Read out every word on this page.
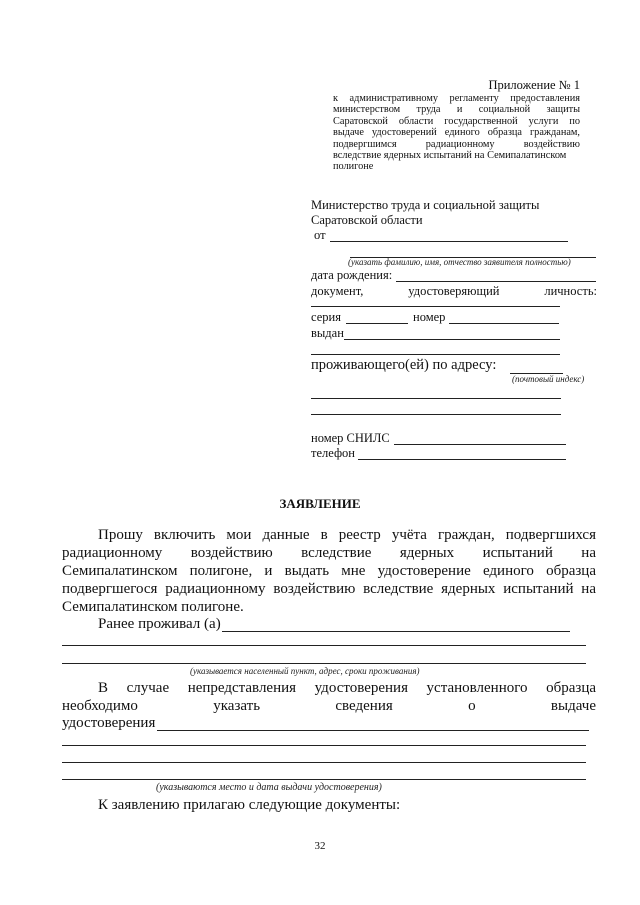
Приложение № 1
к административному регламенту предоставления
министерством труда и социальной защиты
Саратовской области государственной услуги по
выдаче удостоверений единого образца гражданам,
подвергшимся радиационному воздействию
вследствие ядерных испытаний на Семипалатинском
полигоне
Министерство труда и социальной защиты
Саратовской области
от
(указать фамилию, имя, отчество заявителя полностью)
дата рождения:
документ,	удостоверяющий	личность:
серия	номер
выдан
проживающего(ей) по адресу:
(почтовый индекс)
номер СНИЛС
телефон
ЗАЯВЛЕНИЕ
Прошу включить мои данные в реестр учёта граждан, подвергшихся
радиационному воздействию вследствие ядерных испытаний на
Семипалатинском полигоне, и выдать мне удостоверение единого образца
подвергшегося радиационному воздействию вследствие ядерных испытаний на
Семипалатинском полигоне.
Ранее проживал (а)
(указывается населенный пункт, адрес, сроки проживания)
В случае непредставления удостоверения установленного образца
необходимо указать сведения о выдаче
удостоверения
(указываются место и дата выдачи удостоверения)
К заявлению прилагаю следующие документы:
32
